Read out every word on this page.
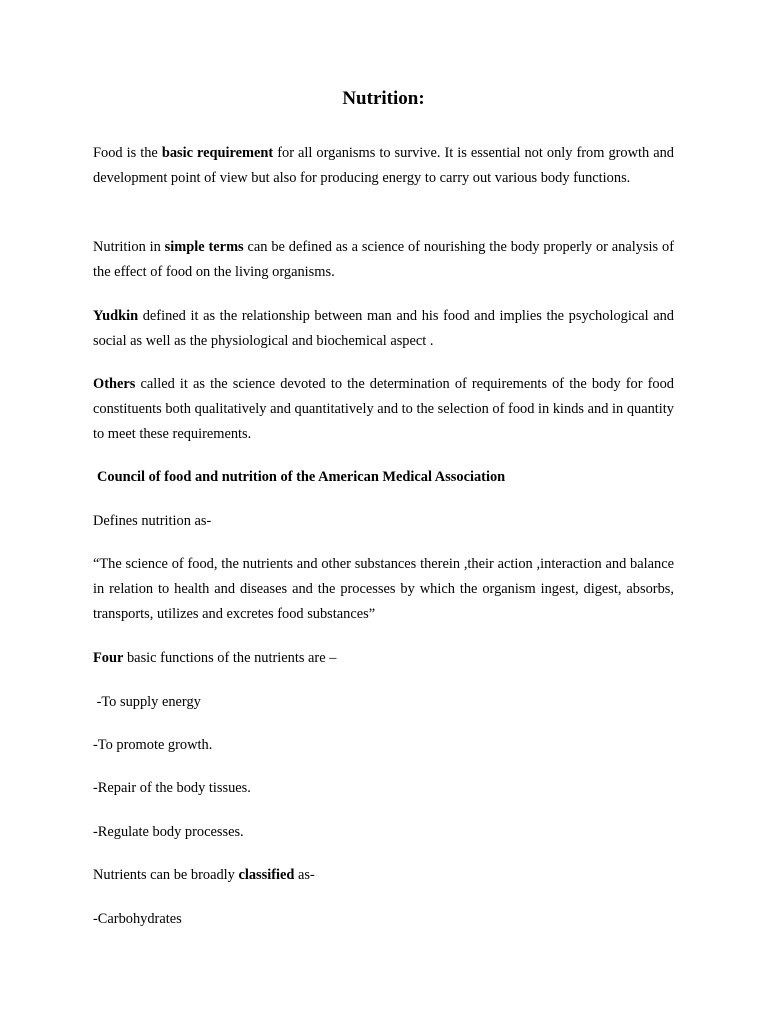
Nutrition:

Food is the basic requirement for all organisms to survive. It is essential not only from growth and development point of view but also for producing energy to carry out various body functions.

Nutrition in simple terms can be defined as a science of nourishing the body properly or analysis of the effect of food on the living organisms.

Yudkin defined it as the relationship between man and his food and implies the psychological and social as well as the physiological and biochemical aspect .

Others called it as the science devoted to the determination of requirements of the body for food constituents both qualitatively and quantitatively and to the selection of food in kinds and in quantity to meet these requirements.

Council of food and nutrition of the American Medical Association

Defines nutrition as-

“The science of food, the nutrients and other substances therein ,their action ,interaction and balance in relation to health and diseases and the processes by which the organism ingest, digest, absorbs, transports, utilizes and excretes food substances”

Four basic functions of the nutrients are –

-To supply energy

-To promote growth.

-Repair of the body tissues.

-Regulate body processes.

Nutrients can be broadly classified as-

-Carbohydrates
